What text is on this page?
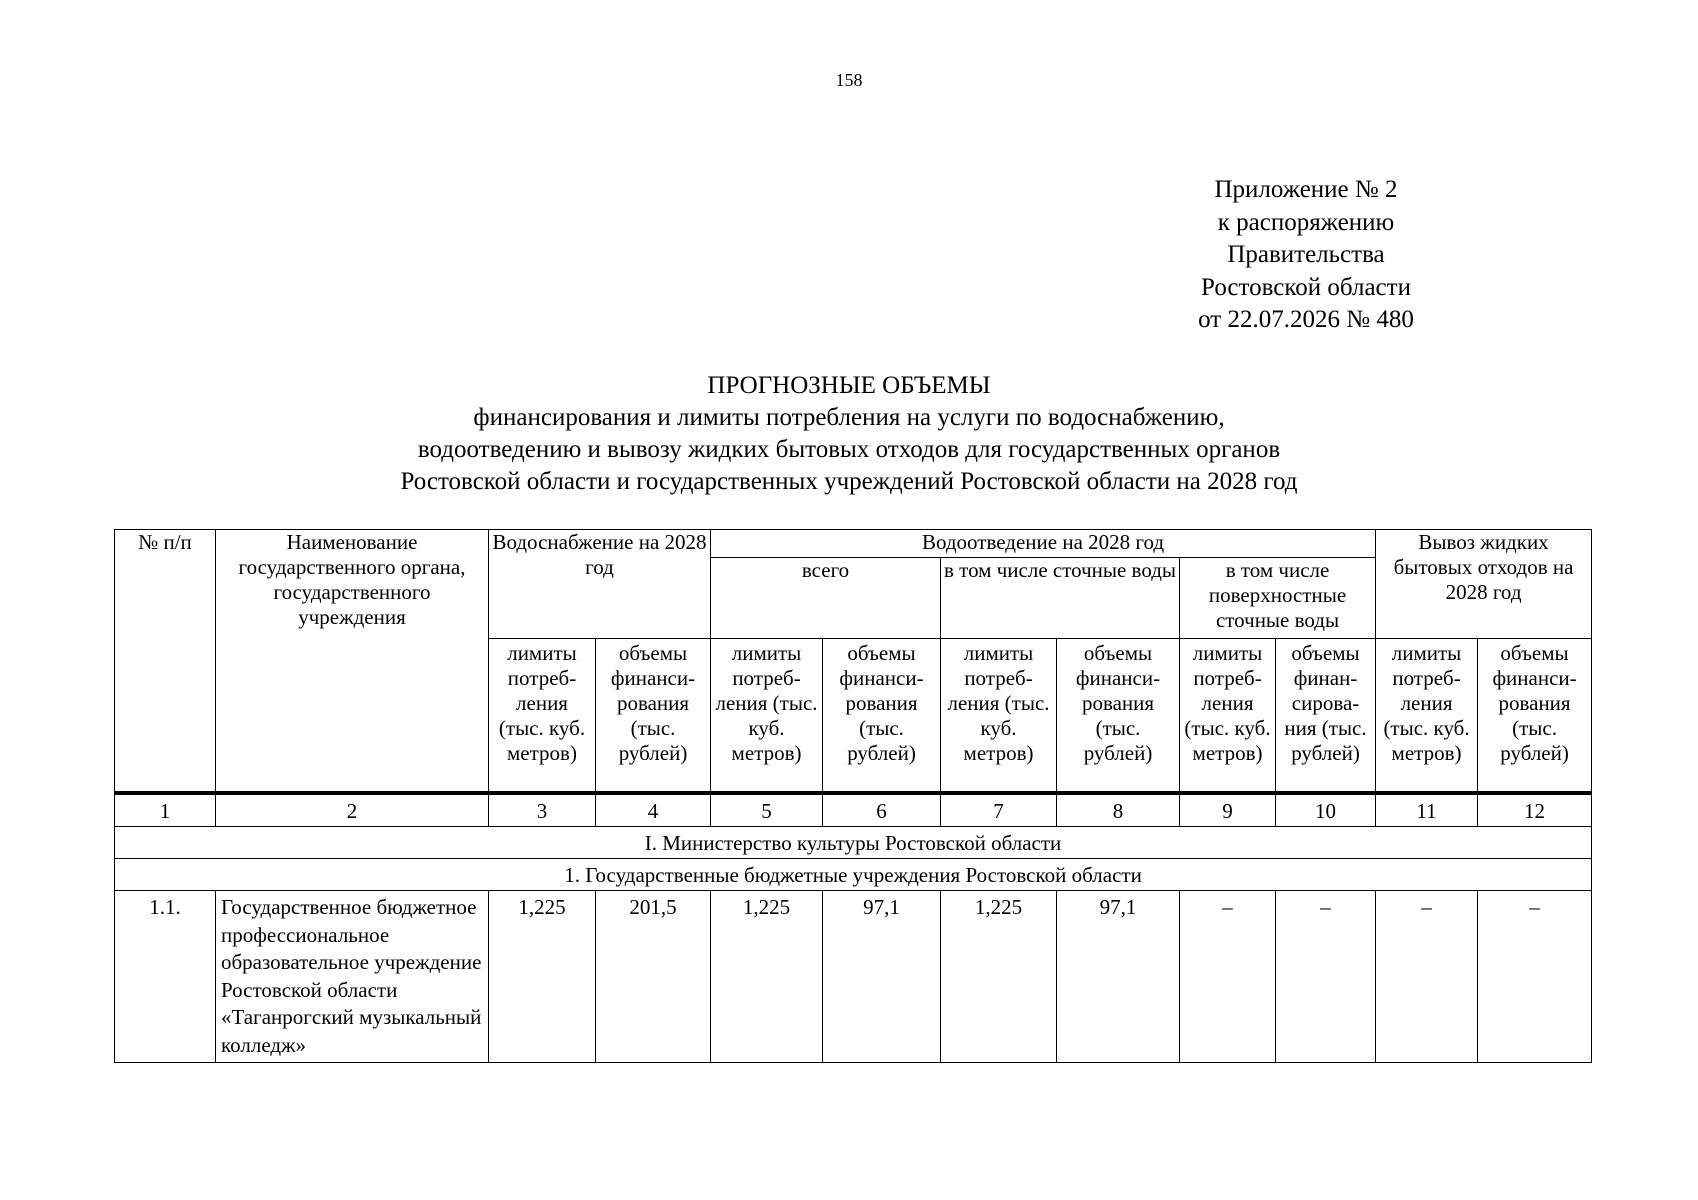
158
Приложение № 2
к распоряжению
Правительства
Ростовской области
от 22.07.2026 № 480
ПРОГНОЗНЫЕ ОБЪЕМЫ
финансирования и лимиты потребления на услуги по водоснабжению,
водоотведению и вывозу жидких бытовых отходов для государственных органов
Ростовской области и государственных учреждений Ростовской области на 2028 год
№ п/п	Наименование государственного органа, государственного учреждения	Водоснабжение на 2028 год		Водоотведение на 2028 год						Вывоз жидких бытовых отходов на 2028 год	
				всего		в том числе сточные воды		в том числе поверхностные сточные воды			
		лимиты потреб-ления (тыс. куб. метров)	объемы финанси-рования (тыс. рублей)	лимиты потреб-ления (тыс. куб. метров)	объемы финанси-рования (тыс. рублей)	лимиты потреб-ления (тыс. куб. метров)	объемы финанси-рования (тыс. рублей)	лимиты потреб-ления (тыс. куб. метров)	объемы финан-сирова-ния (тыс. рублей)	лимиты потреб-ления (тыс. куб. метров)	объемы финанси-рования (тыс. рублей)
1	2	3	4	5	6	7	8	9	10	11	12
I. Министерство культуры Ростовской области											
1. Государственные бюджетные учреждения Ростовской области											
1.1.	Государственное бюджетное профессиональное образовательное учреждение Ростовской области «Таганрогский музыкальный колледж»	1,225	201,5	1,225	97,1	1,225	97,1	–	–	–	–
